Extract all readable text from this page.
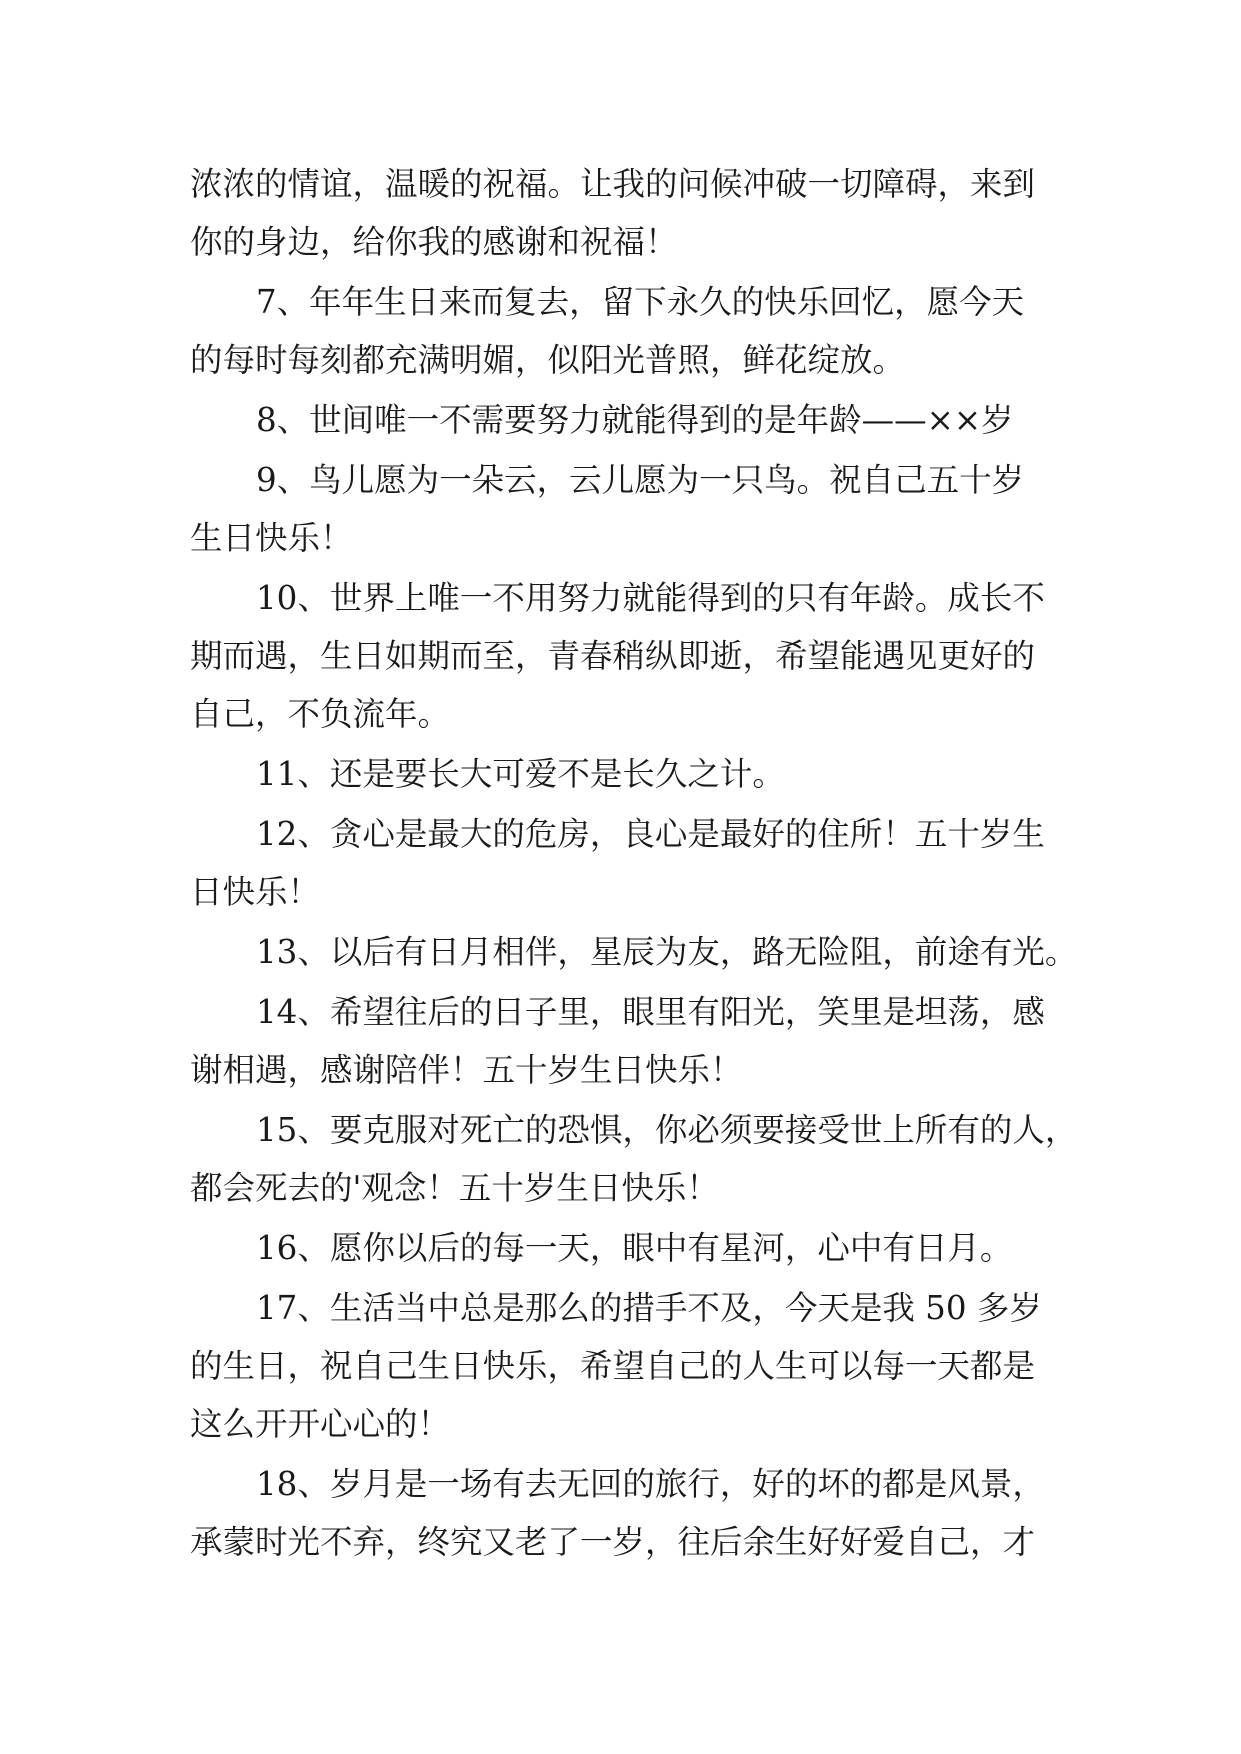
浓浓的情谊，温暖的祝福。让我的问候冲破一切障碍，来到
你的身边，给你我的感谢和祝福！
7、年年生日来而复去，留下永久的快乐回忆，愿今天
的每时每刻都充满明媚，似阳光普照，鲜花绽放。
8、世间唯一不需要努力就能得到的是年龄——××岁
9、鸟儿愿为一朵云，云儿愿为一只鸟。祝自己五十岁
生日快乐！
10、世界上唯一不用努力就能得到的只有年龄。成长不
期而遇，生日如期而至，青春稍纵即逝，希望能遇见更好的
自己，不负流年。
11、还是要长大可爱不是长久之计。
12、贪心是最大的危房，良心是最好的住所！五十岁生
日快乐！
13、以后有日月相伴，星辰为友，路无险阻，前途有光。
14、希望往后的日子里，眼里有阳光，笑里是坦荡，感
谢相遇，感谢陪伴！五十岁生日快乐！
15、要克服对死亡的恐惧，你必须要接受世上所有的人，
都会死去的'观念！五十岁生日快乐！
16、愿你以后的每一天，眼中有星河，心中有日月。
17、生活当中总是那么的措手不及，今天是我 50 多岁
的生日，祝自己生日快乐，希望自己的人生可以每一天都是
这么开开心心的！
18、岁月是一场有去无回的旅行，好的坏的都是风景，
承蒙时光不弃，终究又老了一岁，往后余生好好爱自己，才
